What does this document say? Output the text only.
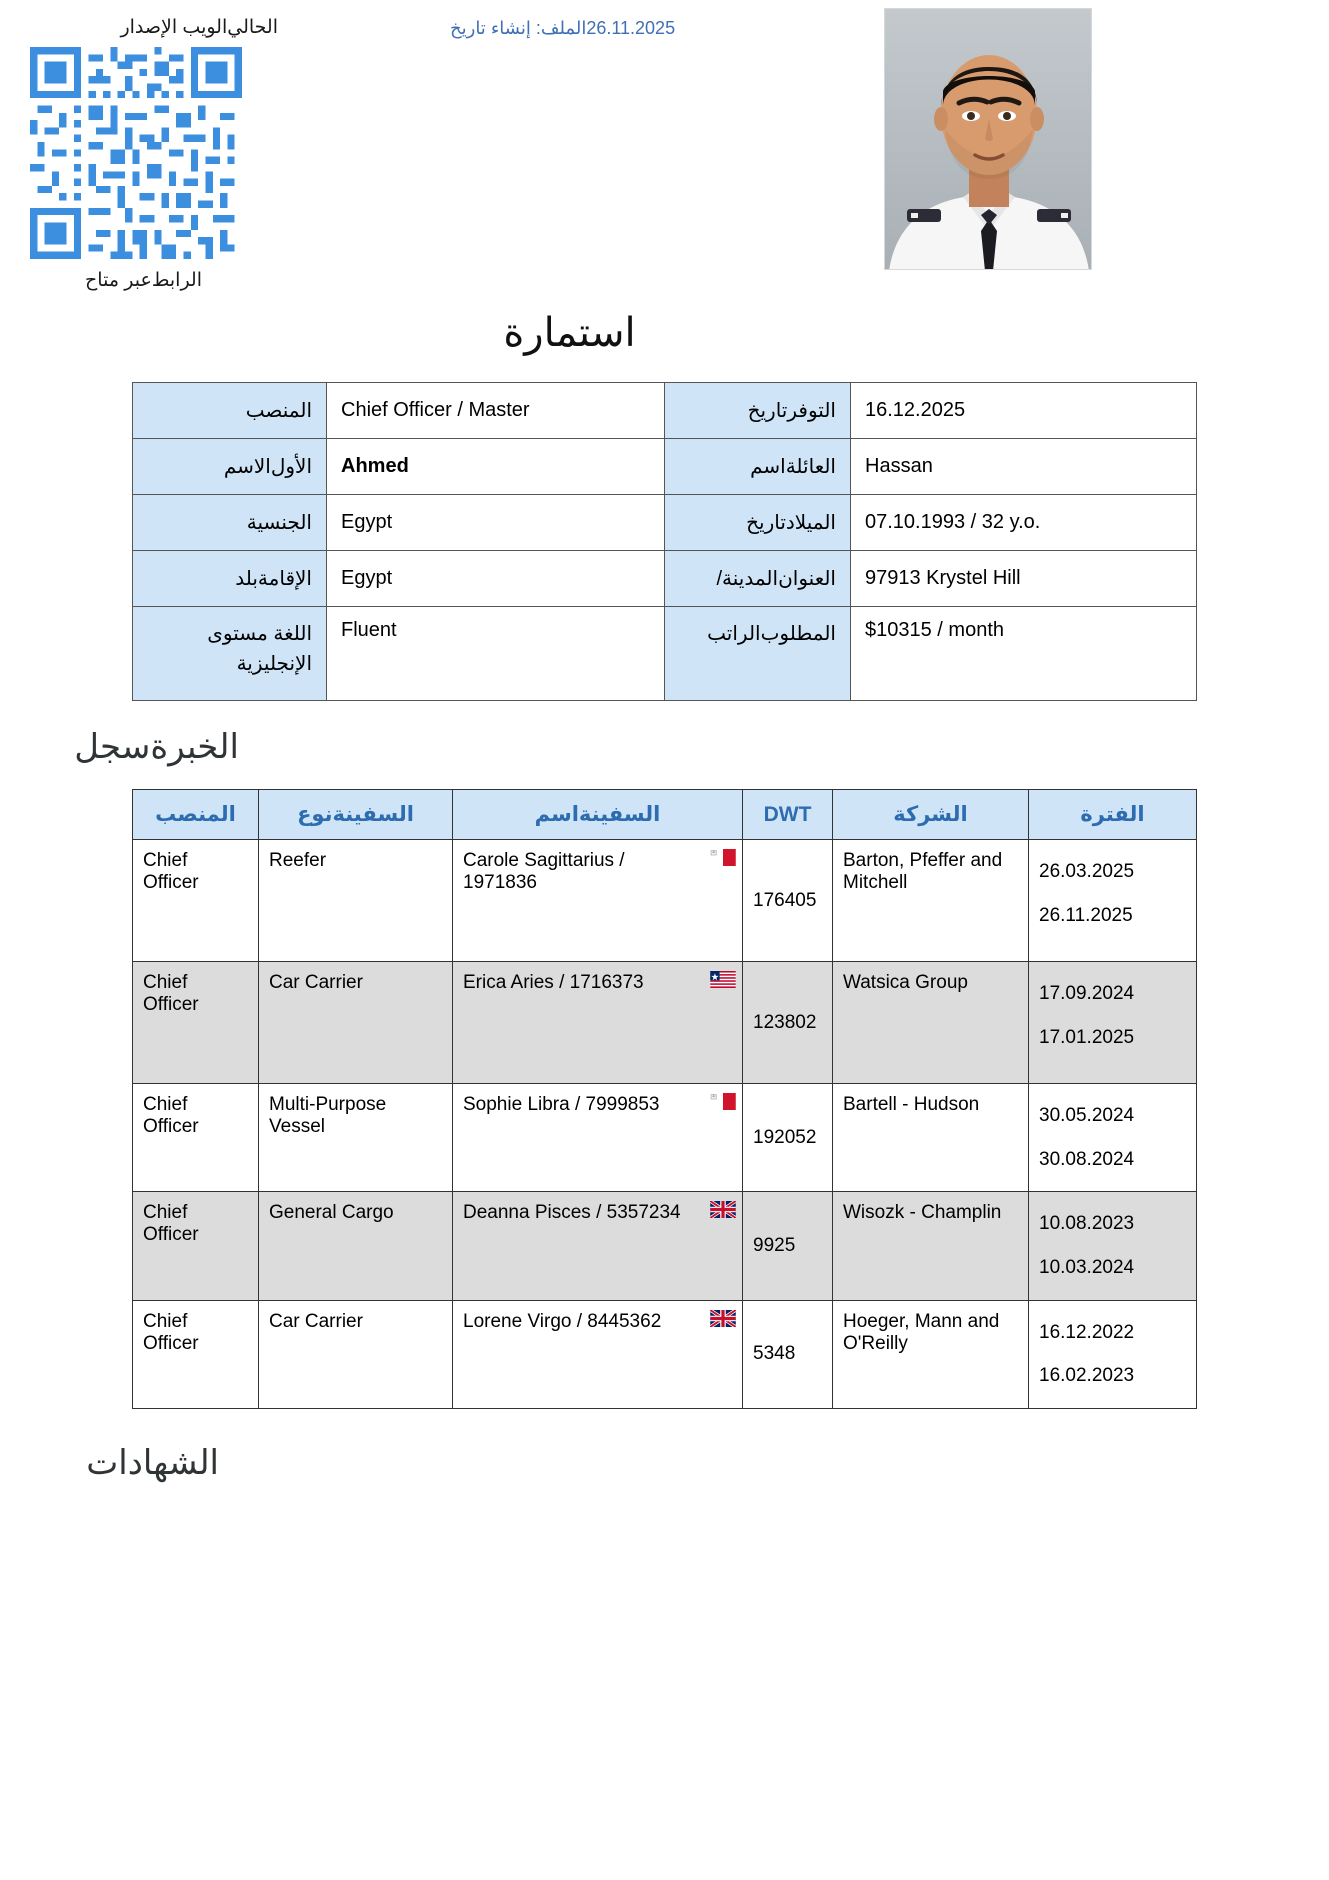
الحالي‌الويب الإصدار
الرابط‌عبر متاح
26.11.2025الملف: إنشاء تاريخ
استمارة
المنصب	Chief Officer / Master	التوفر‌تاريخ	16.12.2025
الأول‌الاسم	Ahmed	العائلة‌اسم	Hassan
الجنسية	Egypt	الميلاد‌تاريخ	07.10.1993 / 32 y.o.
الإقامة‌بلد	Egypt	العنوان‌المدينة/	97913 Krystel Hill
اللغة مستوى الإنجليزية	Fluent	المطلوب‌الراتب	$10315 / month
الخبرة‌سجل
المنصب	السفينة‌نوع	السفينة‌اسم	DWT	الشركة	الفترة
Chief Officer	Reefer	Carole Sagittarius / 1971836	176405	Barton, Pfeffer and Mitchell	26.03.2025
26.11.2025

Chief Officer	Car Carrier	Erica Aries / 1716373	123802	Watsica Group	17.09.2024
17.01.2025

Chief Officer	Multi-Purpose Vessel	Sophie Libra / 7999853	192052	Bartell - Hudson	30.05.2024
30.08.2024

Chief Officer	General Cargo	Deanna Pisces / 5357234	9925	Wisozk - Champlin	10.08.2023
10.03.2024

Chief Officer	Car Carrier	Lorene Virgo / 8445362	5348	Hoeger, Mann and O'Reilly	16.12.2022
16.02.2023
الشهادات
